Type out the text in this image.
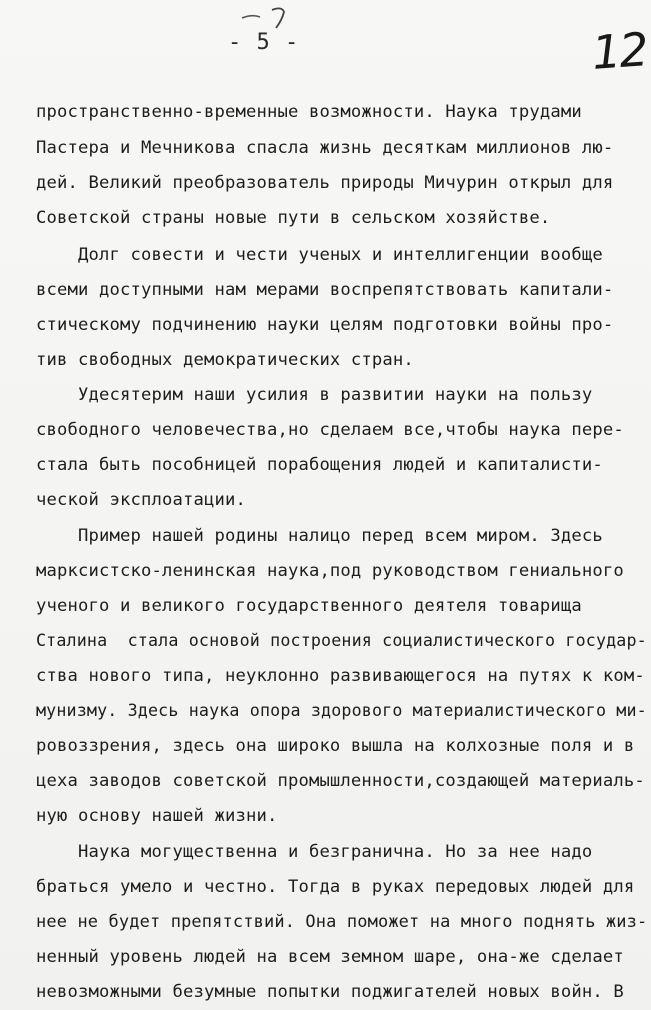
- 5 -	12
пространственно-временные возможности. Наука трудами
Пастера и Мечникова спасла жизнь десяткам миллионов лю-
дей. Великий преобразователь природы Мичурин открыл для
Советской страны новые пути в сельском хозяйстве.
Долг совести и чести ученых и интеллигенции вообще
всеми доступными нам мерами воспрепятствовать капитали-
стическому подчинению науки целям подготовки войны про-
тив свободных демократических стран.
Удесятерим наши усилия в развитии науки на пользу
свободного человечества,но сделаем все,чтобы наука пере-
стала быть пособницей порабощения людей и капиталисти-
ческой эксплоатации.
Пример нашей родины налицо перед всем миром. Здесь
марксистско-ленинская наука,под руководством гениального
ученого и великого государственного деятеля товарища
Сталина  стала основой построения социалистического государ-
ства нового типа, неуклонно развивающегося на путях к ком-
мунизму. Здесь наука опора здорового материалистического ми-
ровоззрения, здесь она широко вышла на колхозные поля и в
цеха заводов советской промышленности,создающей материаль-
ную основу нашей жизни.
Наука могущественна и безгранична. Но за нее надо
браться умело и честно. Тогда в руках передовых людей для
нее не будет препятствий. Она поможет на много поднять жиз-
ненный уровень людей на всем земном шаре, она-же сделает
невозможными безумные попытки поджигателей новых войн. В
